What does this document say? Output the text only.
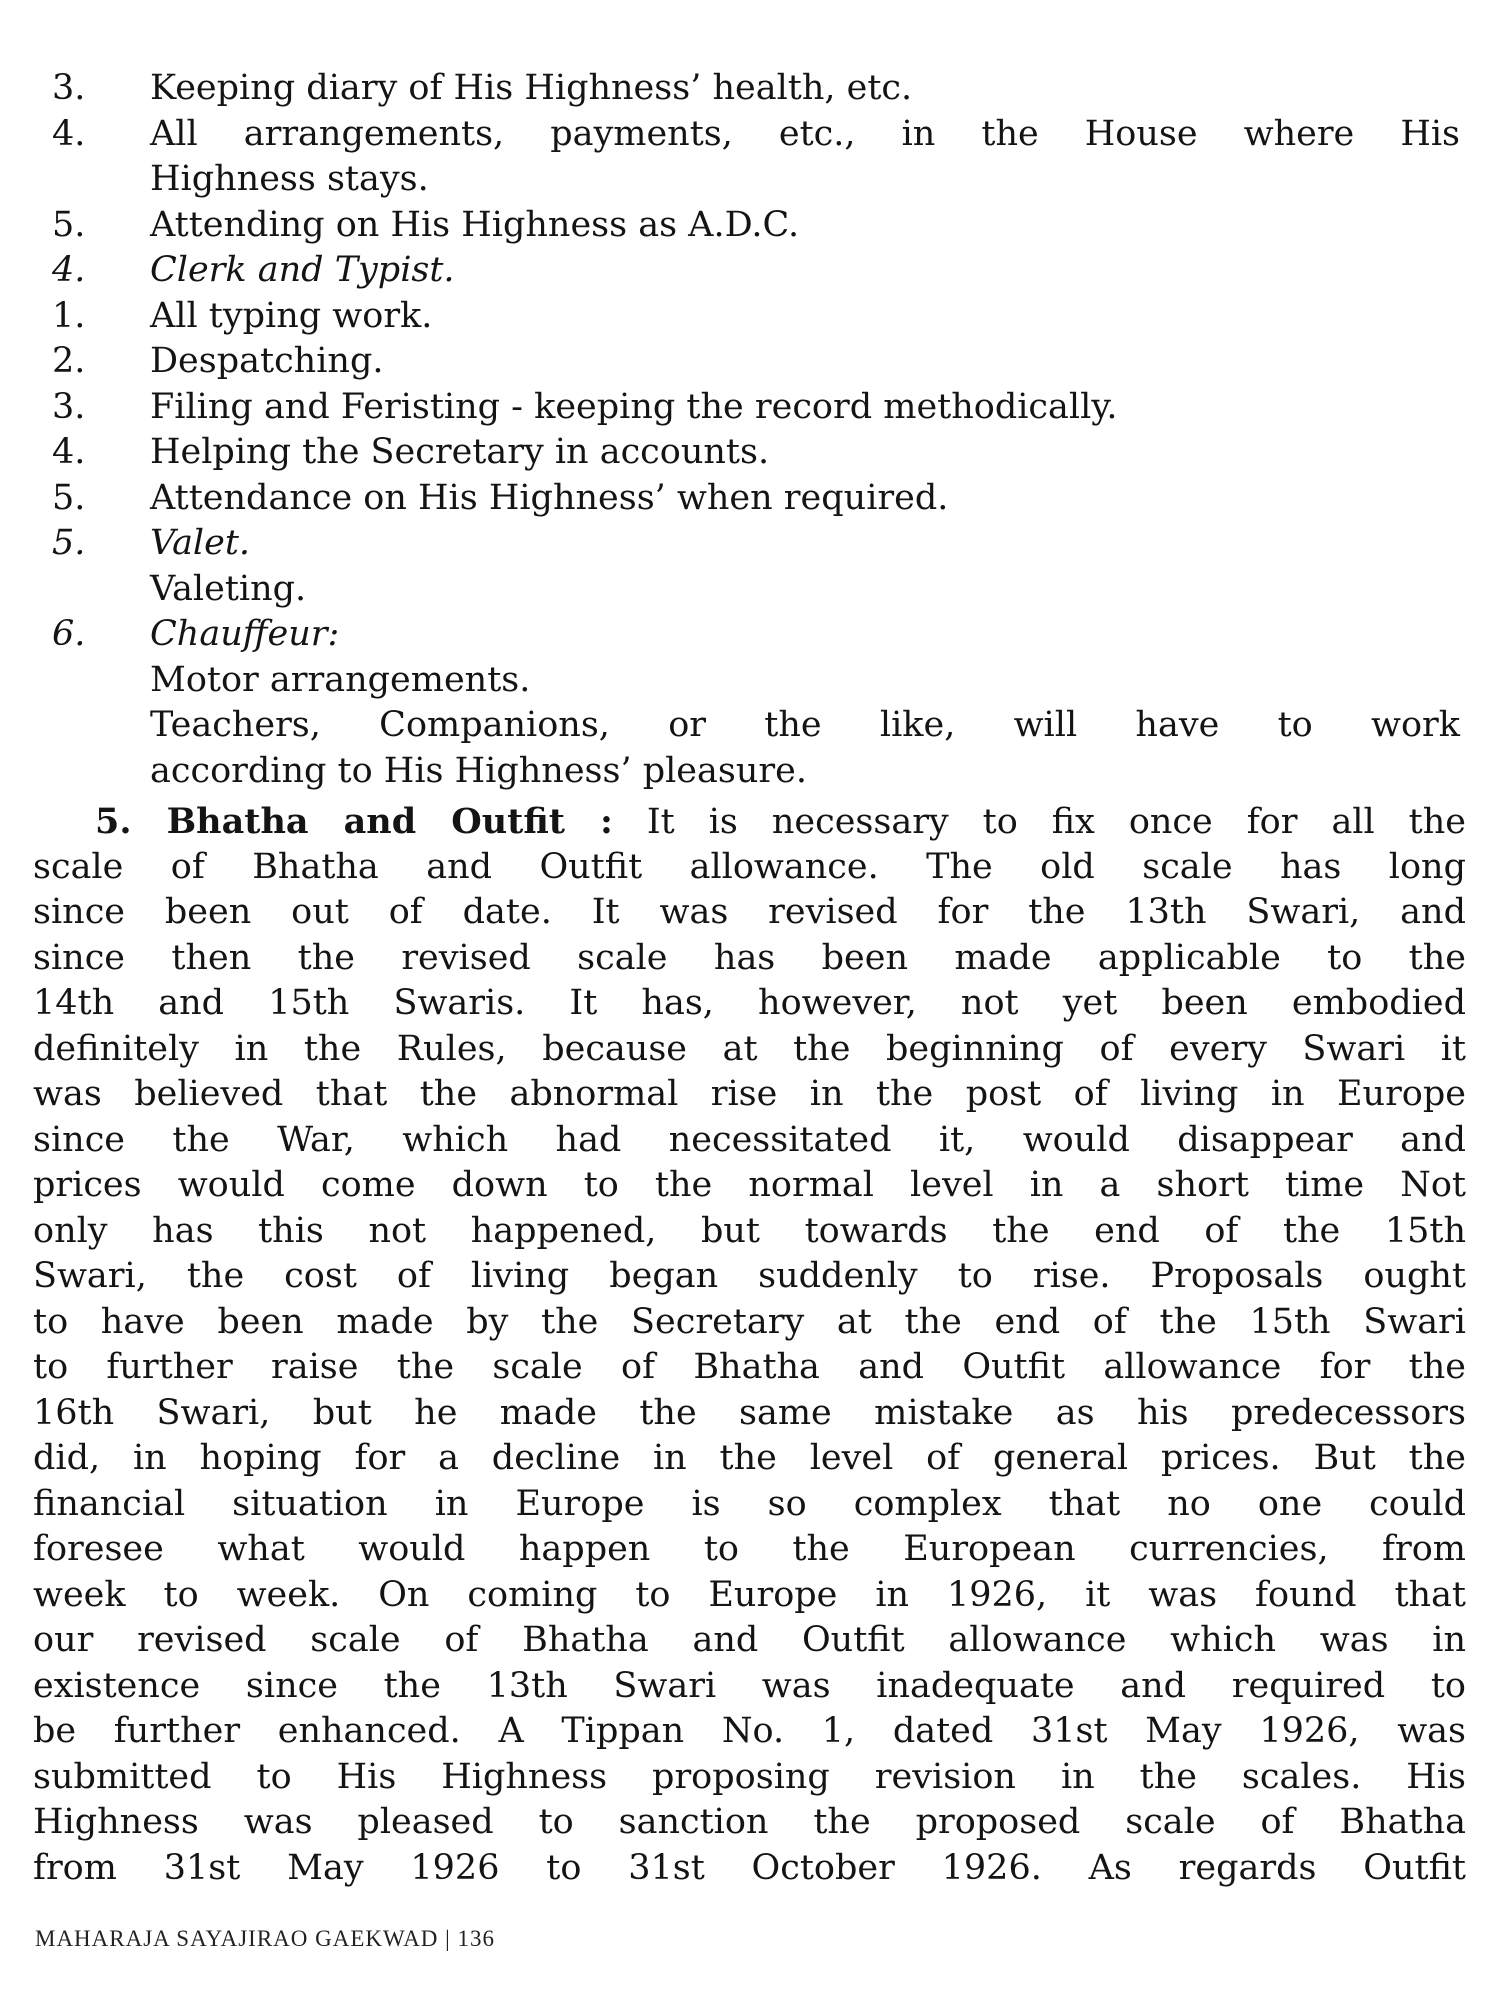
3.	Keeping diary of His Highness’ health, etc.
4.	All arrangements, payments, etc., in the House where His
Highness stays.
5.	Attending on His Highness as A.D.C.
4.	Clerk and Typist.
1.	All typing work.
2.	Despatching.
3.	Filing and Feristing - keeping the record methodically.
4.	Helping the Secretary in accounts.
5.	Attendance on His Highness’ when required.
5.	Valet.
Valeting.
6.	Chauffeur:
Motor arrangements.
Teachers, Companions, or the like, will have to work
according to His Highness’ pleasure.
5. Bhatha and Outfit : It is necessary to fix once for all the
scale of Bhatha and Outfit allowance. The old scale has long
since been out of date. It was revised for the 13th Swari, and
since then the revised scale has been made applicable to the
14th and 15th Swaris. It has, however, not yet been embodied
definitely in the Rules, because at the beginning of every Swari it
was believed that the abnormal rise in the post of living in Europe
since the War, which had necessitated it, would disappear and
prices would come down to the normal level in a short time Not
only has this not happened, but towards the end of the 15th
Swari, the cost of living began suddenly to rise. Proposals ought
to have been made by the Secretary at the end of the 15th Swari
to further raise the scale of Bhatha and Outfit allowance for the
16th Swari, but he made the same mistake as his predecessors
did, in hoping for a decline in the level of general prices. But the
financial situation in Europe is so complex that no one could
foresee what would happen to the European currencies, from
week to week. On coming to Europe in 1926, it was found that
our revised scale of Bhatha and Outfit allowance which was in
existence since the 13th Swari was inadequate and required to
be further enhanced. A Tippan No. 1, dated 31st May 1926, was
submitted to His Highness proposing revision in the scales. His
Highness was pleased to sanction the proposed scale of Bhatha
from 31st May 1926 to 31st October 1926. As regards Outfit
MAHARAJA SAYAJIRAO GAEKWAD | 136
